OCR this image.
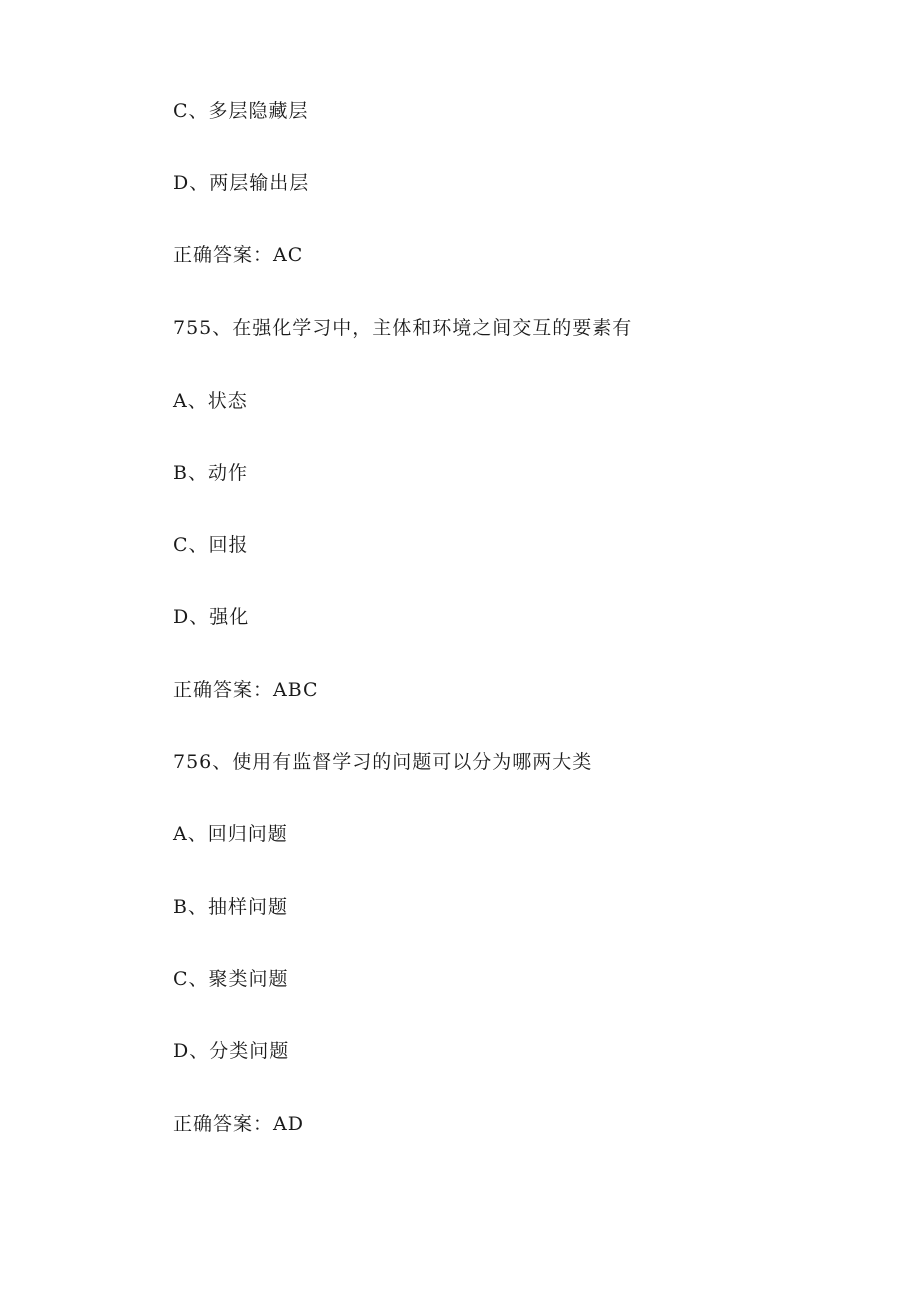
C、多层隐藏层
D、两层输出层
正确答案：AC
755、在强化学习中，主体和环境之间交互的要素有
A、状态
B、动作
C、回报
D、强化
正确答案：ABC
756、使用有监督学习的问题可以分为哪两大类
A、回归问题
B、抽样问题
C、聚类问题
D、分类问题
正确答案：AD
